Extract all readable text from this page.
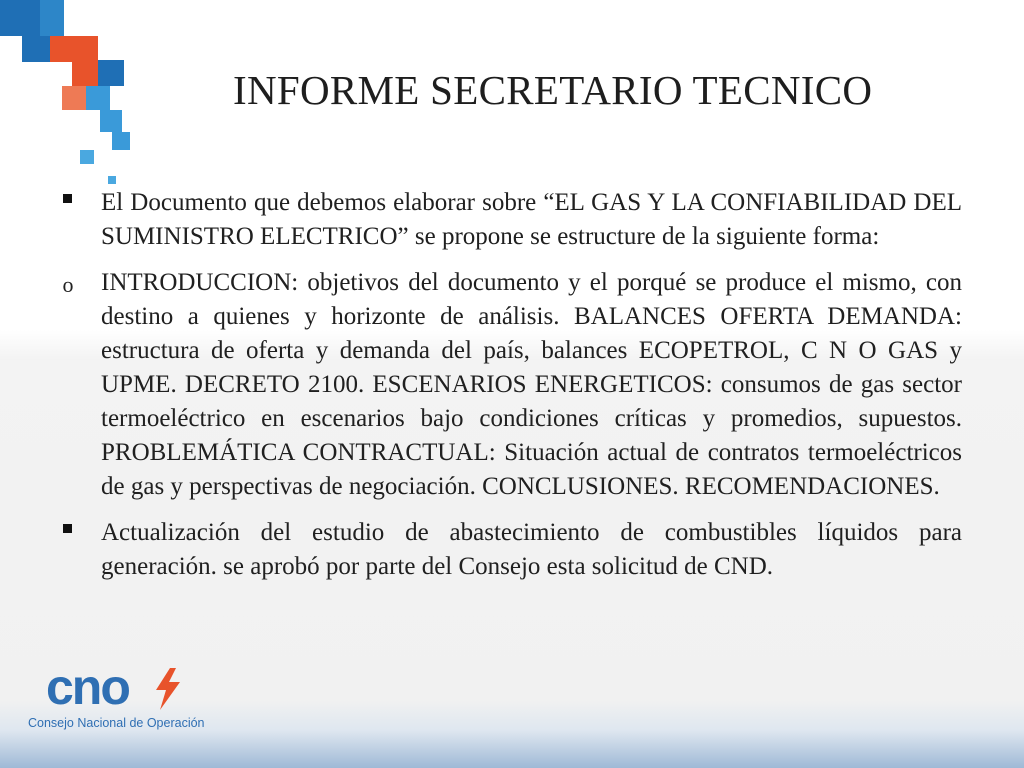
INFORME SECRETARIO TECNICO
El Documento que debemos elaborar sobre “EL GAS Y LA CONFIABILIDAD DEL SUMINISTRO ELECTRICO” se propone se estructure de la siguiente forma:
o INTRODUCCION: objetivos del documento y el porqué se produce el mismo, con destino a quienes y horizonte de análisis. BALANCES OFERTA DEMANDA: estructura de oferta y demanda del país, balances ECOPETROL, C N O GAS y UPME. DECRETO 2100. ESCENARIOS ENERGETICOS: consumos de gas sector termoeléctrico en escenarios bajo condiciones críticas y promedios, supuestos. PROBLEMÁTICA CONTRACTUAL: Situación actual de contratos termoeléctricos de gas y perspectivas de negociación. CONCLUSIONES. RECOMENDACIONES.
Actualización del estudio de abastecimiento de combustibles líquidos para generación. se aprobó por parte del Consejo esta solicitud de CND.
cno
Consejo Nacional de Operación
